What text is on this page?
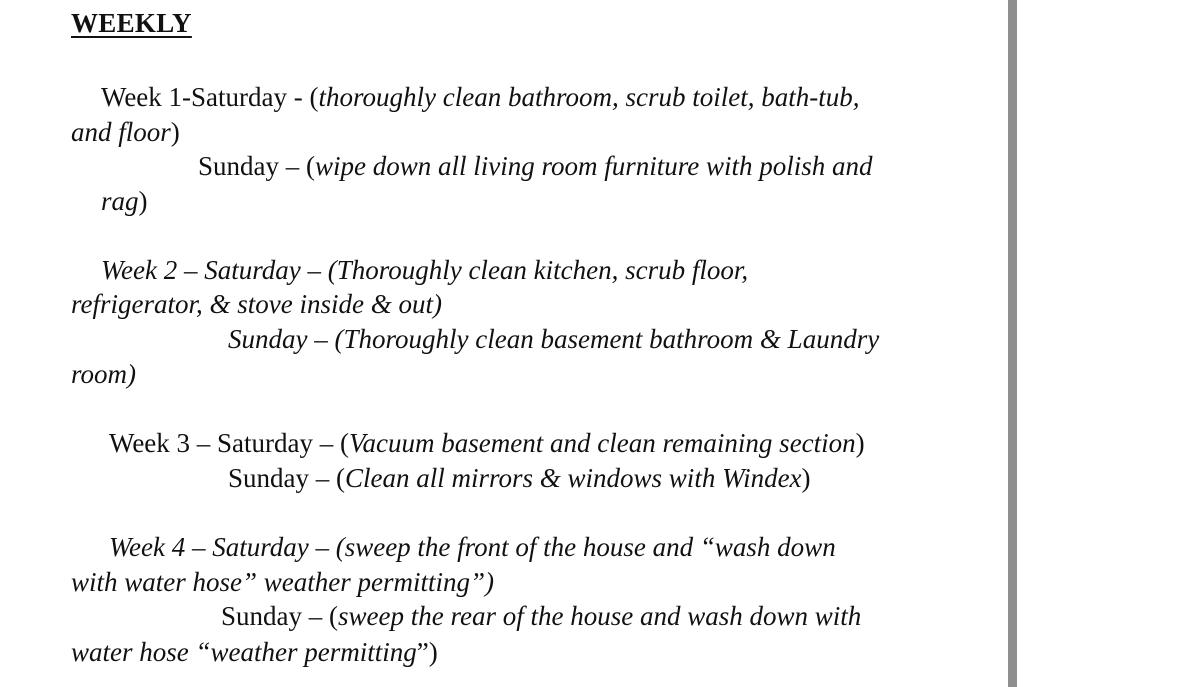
WEEKLY
Week 1-Saturday - (thoroughly clean bathroom, scrub toilet, bath-tub,
and floor)
Sunday – (wipe down all living room furniture with polish and
rag)
Week 2 – Saturday – (Thoroughly clean kitchen, scrub floor,
refrigerator, & stove inside & out)
Sunday – (Thoroughly clean basement bathroom & Laundry
room)
Week 3 – Saturday – (Vacuum basement and clean remaining section)
Sunday – (Clean all mirrors & windows with Windex)
Week 4 – Saturday – (sweep the front of the house and “wash down
with water hose” weather permitting”)
Sunday – (sweep the rear of the house and wash down with
water hose “weather permitting”)
